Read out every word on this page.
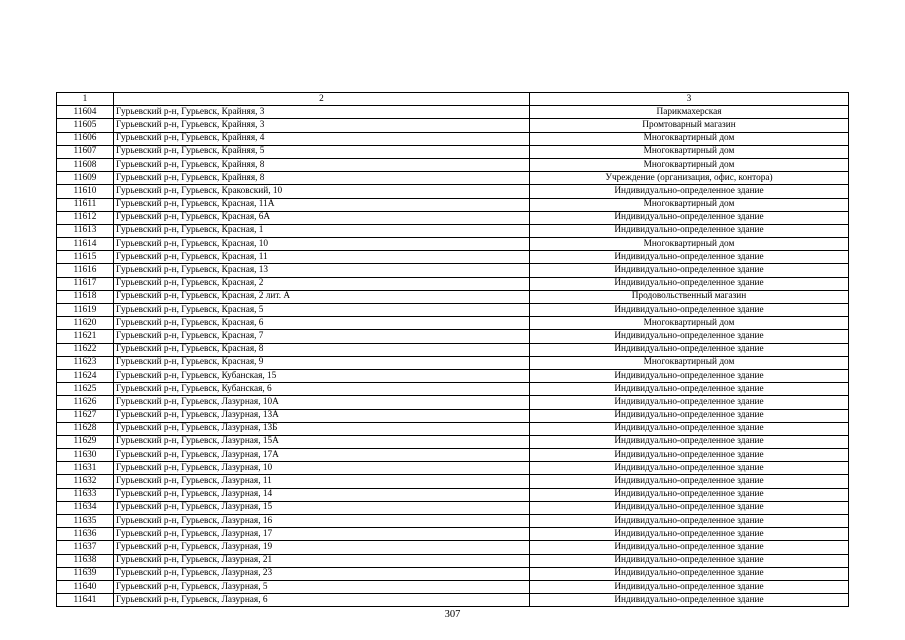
1	2	3
11604	Гурьевский р-н, Гурьевск, Крайняя, 3	Парикмахерская
11605	Гурьевский р-н, Гурьевск, Крайняя, 3	Промтоварный магазин
11606	Гурьевский р-н, Гурьевск, Крайняя, 4	Многоквартирный дом
11607	Гурьевский р-н, Гурьевск, Крайняя, 5	Многоквартирный дом
11608	Гурьевский р-н, Гурьевск, Крайняя, 8	Многоквартирный дом
11609	Гурьевский р-н, Гурьевск, Крайняя, 8	Учреждение (организация, офис, контора)
11610	Гурьевский р-н, Гурьевск, Краковский, 10	Индивидуально-определенное здание
11611	Гурьевский р-н, Гурьевск, Красная, 11А	Многоквартирный дом
11612	Гурьевский р-н, Гурьевск, Красная, 6А	Индивидуально-определенное здание
11613	Гурьевский р-н, Гурьевск, Красная, 1	Индивидуально-определенное здание
11614	Гурьевский р-н, Гурьевск, Красная, 10	Многоквартирный дом
11615	Гурьевский р-н, Гурьевск, Красная, 11	Индивидуально-определенное здание
11616	Гурьевский р-н, Гурьевск, Красная, 13	Индивидуально-определенное здание
11617	Гурьевский р-н, Гурьевск, Красная, 2	Индивидуально-определенное здание
11618	Гурьевский р-н, Гурьевск, Красная, 2 лит. А	Продовольственный магазин
11619	Гурьевский р-н, Гурьевск, Красная, 5	Индивидуально-определенное здание
11620	Гурьевский р-н, Гурьевск, Красная, 6	Многоквартирный дом
11621	Гурьевский р-н, Гурьевск, Красная, 7	Индивидуально-определенное здание
11622	Гурьевский р-н, Гурьевск, Красная, 8	Индивидуально-определенное здание
11623	Гурьевский р-н, Гурьевск, Красная, 9	Многоквартирный дом
11624	Гурьевский р-н, Гурьевск, Кубанская, 15	Индивидуально-определенное здание
11625	Гурьевский р-н, Гурьевск, Кубанская, 6	Индивидуально-определенное здание
11626	Гурьевский р-н, Гурьевск, Лазурная, 10А	Индивидуально-определенное здание
11627	Гурьевский р-н, Гурьевск, Лазурная, 13А	Индивидуально-определенное здание
11628	Гурьевский р-н, Гурьевск, Лазурная, 13Б	Индивидуально-определенное здание
11629	Гурьевский р-н, Гурьевск, Лазурная, 15А	Индивидуально-определенное здание
11630	Гурьевский р-н, Гурьевск, Лазурная, 17А	Индивидуально-определенное здание
11631	Гурьевский р-н, Гурьевск, Лазурная, 10	Индивидуально-определенное здание
11632	Гурьевский р-н, Гурьевск, Лазурная, 11	Индивидуально-определенное здание
11633	Гурьевский р-н, Гурьевск, Лазурная, 14	Индивидуально-определенное здание
11634	Гурьевский р-н, Гурьевск, Лазурная, 15	Индивидуально-определенное здание
11635	Гурьевский р-н, Гурьевск, Лазурная, 16	Индивидуально-определенное здание
11636	Гурьевский р-н, Гурьевск, Лазурная, 17	Индивидуально-определенное здание
11637	Гурьевский р-н, Гурьевск, Лазурная, 19	Индивидуально-определенное здание
11638	Гурьевский р-н, Гурьевск, Лазурная, 21	Индивидуально-определенное здание
11639	Гурьевский р-н, Гурьевск, Лазурная, 23	Индивидуально-определенное здание
11640	Гурьевский р-н, Гурьевск, Лазурная, 5	Индивидуально-определенное здание
11641	Гурьевский р-н, Гурьевск, Лазурная, 6	Индивидуально-определенное здание
307
